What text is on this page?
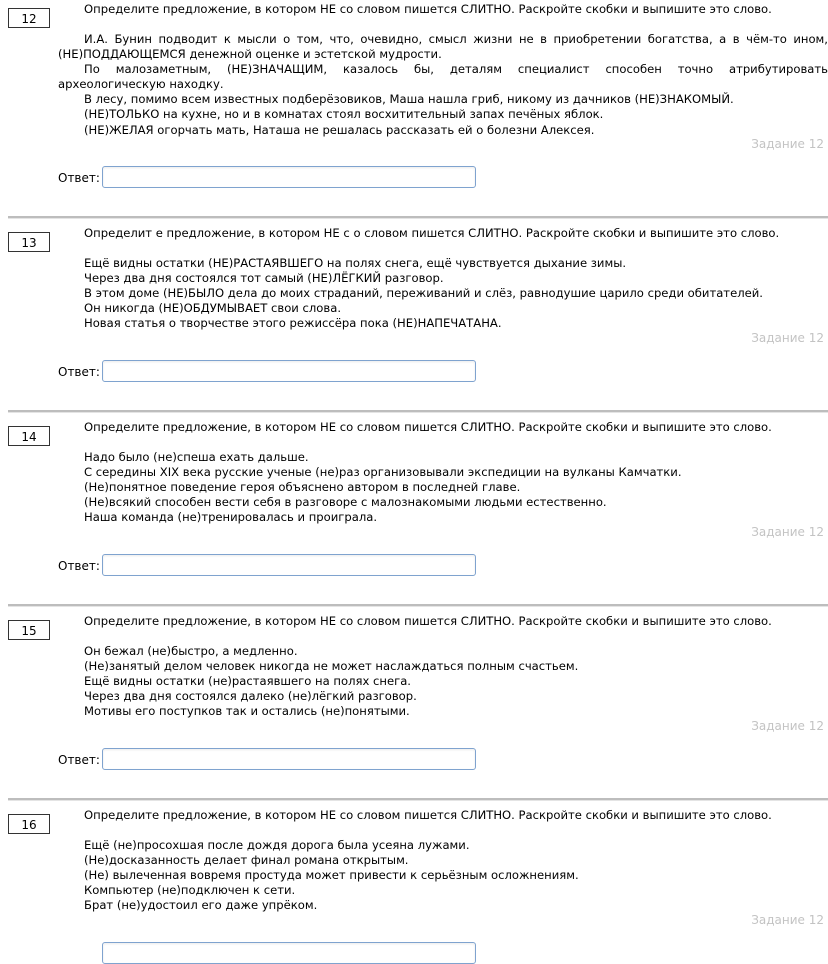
12
Определите предложение, в котором НЕ со словом пишется СЛИТНО. Раскройте скобки и выпишите это слово.

И.А. Бунин подводит к мысли о том, что, очевидно, смысл жизни не в приобретении богатства, а в чём-то ином, (НЕ)ПОДДАЮЩЕМСЯ денежной оценке и эстетской мудрости.

По малозаметным, (НЕ)ЗНАЧАЩИМ, казалось бы, деталям специалист способен точно атрибутировать археологическую находку.

В лесу, помимо всем известных подберёзовиков, Маша нашла гриб, никому из дачников (НЕ)ЗНАКОМЫЙ.

(НЕ)ТОЛЬКО на кухне, но и в комнатах стоял восхитительный запах печёных яблок.

(НЕ)ЖЕЛАЯ огорчать мать, Наташа не решалась рассказать ей о болезни Алексея.

Задание 12
Ответ:
13
Определит е предложение, в котором НЕ с о словом пишется СЛИТНО. Раскройте скобки и выпишите это слово.

Ещё видны остатки (НЕ)РАСТАЯВШЕГО на полях снега, ещё чувствуется дыхание зимы.

Через два дня состоялся тот самый (НЕ)ЛЁГКИЙ разговор.

В этом доме (НЕ)БЫЛО дела до моих страданий, переживаний и слёз, равнодушие царило среди обитателей.

Он никогда (НЕ)ОБДУМЫВАЕТ свои слова.

Новая статья о творчестве этого режиссёра пока (НЕ)НАПЕЧАТАНА.

Задание 12
Ответ:
14
Определите предложение, в котором НЕ со словом пишется СЛИТНО. Раскройте скобки и выпишите это слово.

Надо было (не)спеша ехать дальше.

С середины XIX века русские ученые (не)раз организовывали экспедиции на вулканы Камчатки.

(Не)понятное поведение героя объяснено автором в последней главе.

(Не)всякий способен вести себя в разговоре с малознакомыми людьми естественно.

Наша команда (не)тренировалась и проиграла.

Задание 12
Ответ:
15
Определите предложение, в котором НЕ со словом пишется СЛИТНО. Раскройте скобки и выпишите это слово.

Он бежал (не)быстро, а медленно.

(Не)занятый делом человек никогда не может наслаждаться полным счастьем.

Ещё видны остатки (не)растаявшего на полях снега.

Через два дня состоялся далеко (не)лёгкий разговор.

Мотивы его поступков так и остались (не)понятыми.

Задание 12
Ответ:
16
Определите предложение, в котором НЕ со словом пишется СЛИТНО. Раскройте скобки и выпишите это слово.

Ещё (не)просохшая после дождя дорога была усеяна лужами.

(Не)досказанность делает финал романа открытым.

(Не) вылеченная вовремя простуда может привести к серьёзным осложнениям.

Компьютер (не)подключен к сети.

Брат (не)удостоил его даже упрёком.

Задание 12
